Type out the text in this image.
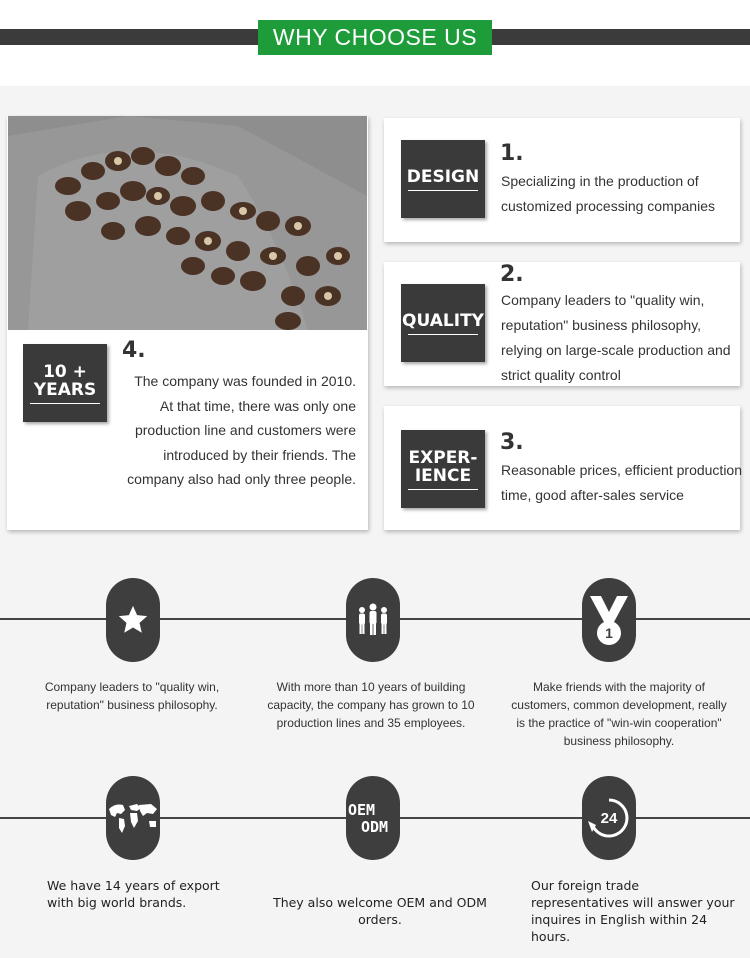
WHY CHOOSE US
10 +
YEARS
4.
The company was founded in 2010. At that time, there was only one production line and customers were introduced by their friends. The company also had only three people.
DESIGN
1.
Specializing in the production of customized processing companies
QUALITY
2.
Company leaders to "quality win, reputation" business philosophy, relying on large-scale production and strict quality control
EXPER-
IENCE
3.
Reasonable prices, efficient production time, good after-sales service
1
Company leaders to "quality win, reputation" business philosophy.
With more than 10 years of building capacity, the company has grown to 10 production lines and 35 employees.
Make friends with the majority of customers, common development, really is the practice of "win-win cooperation" business philosophy.
OEM
ODM	24
We have 14 years of export with big world brands.	They also welcome OEM and ODM orders.
Our foreign trade representatives will answer your inquires in English within 24 hours.
